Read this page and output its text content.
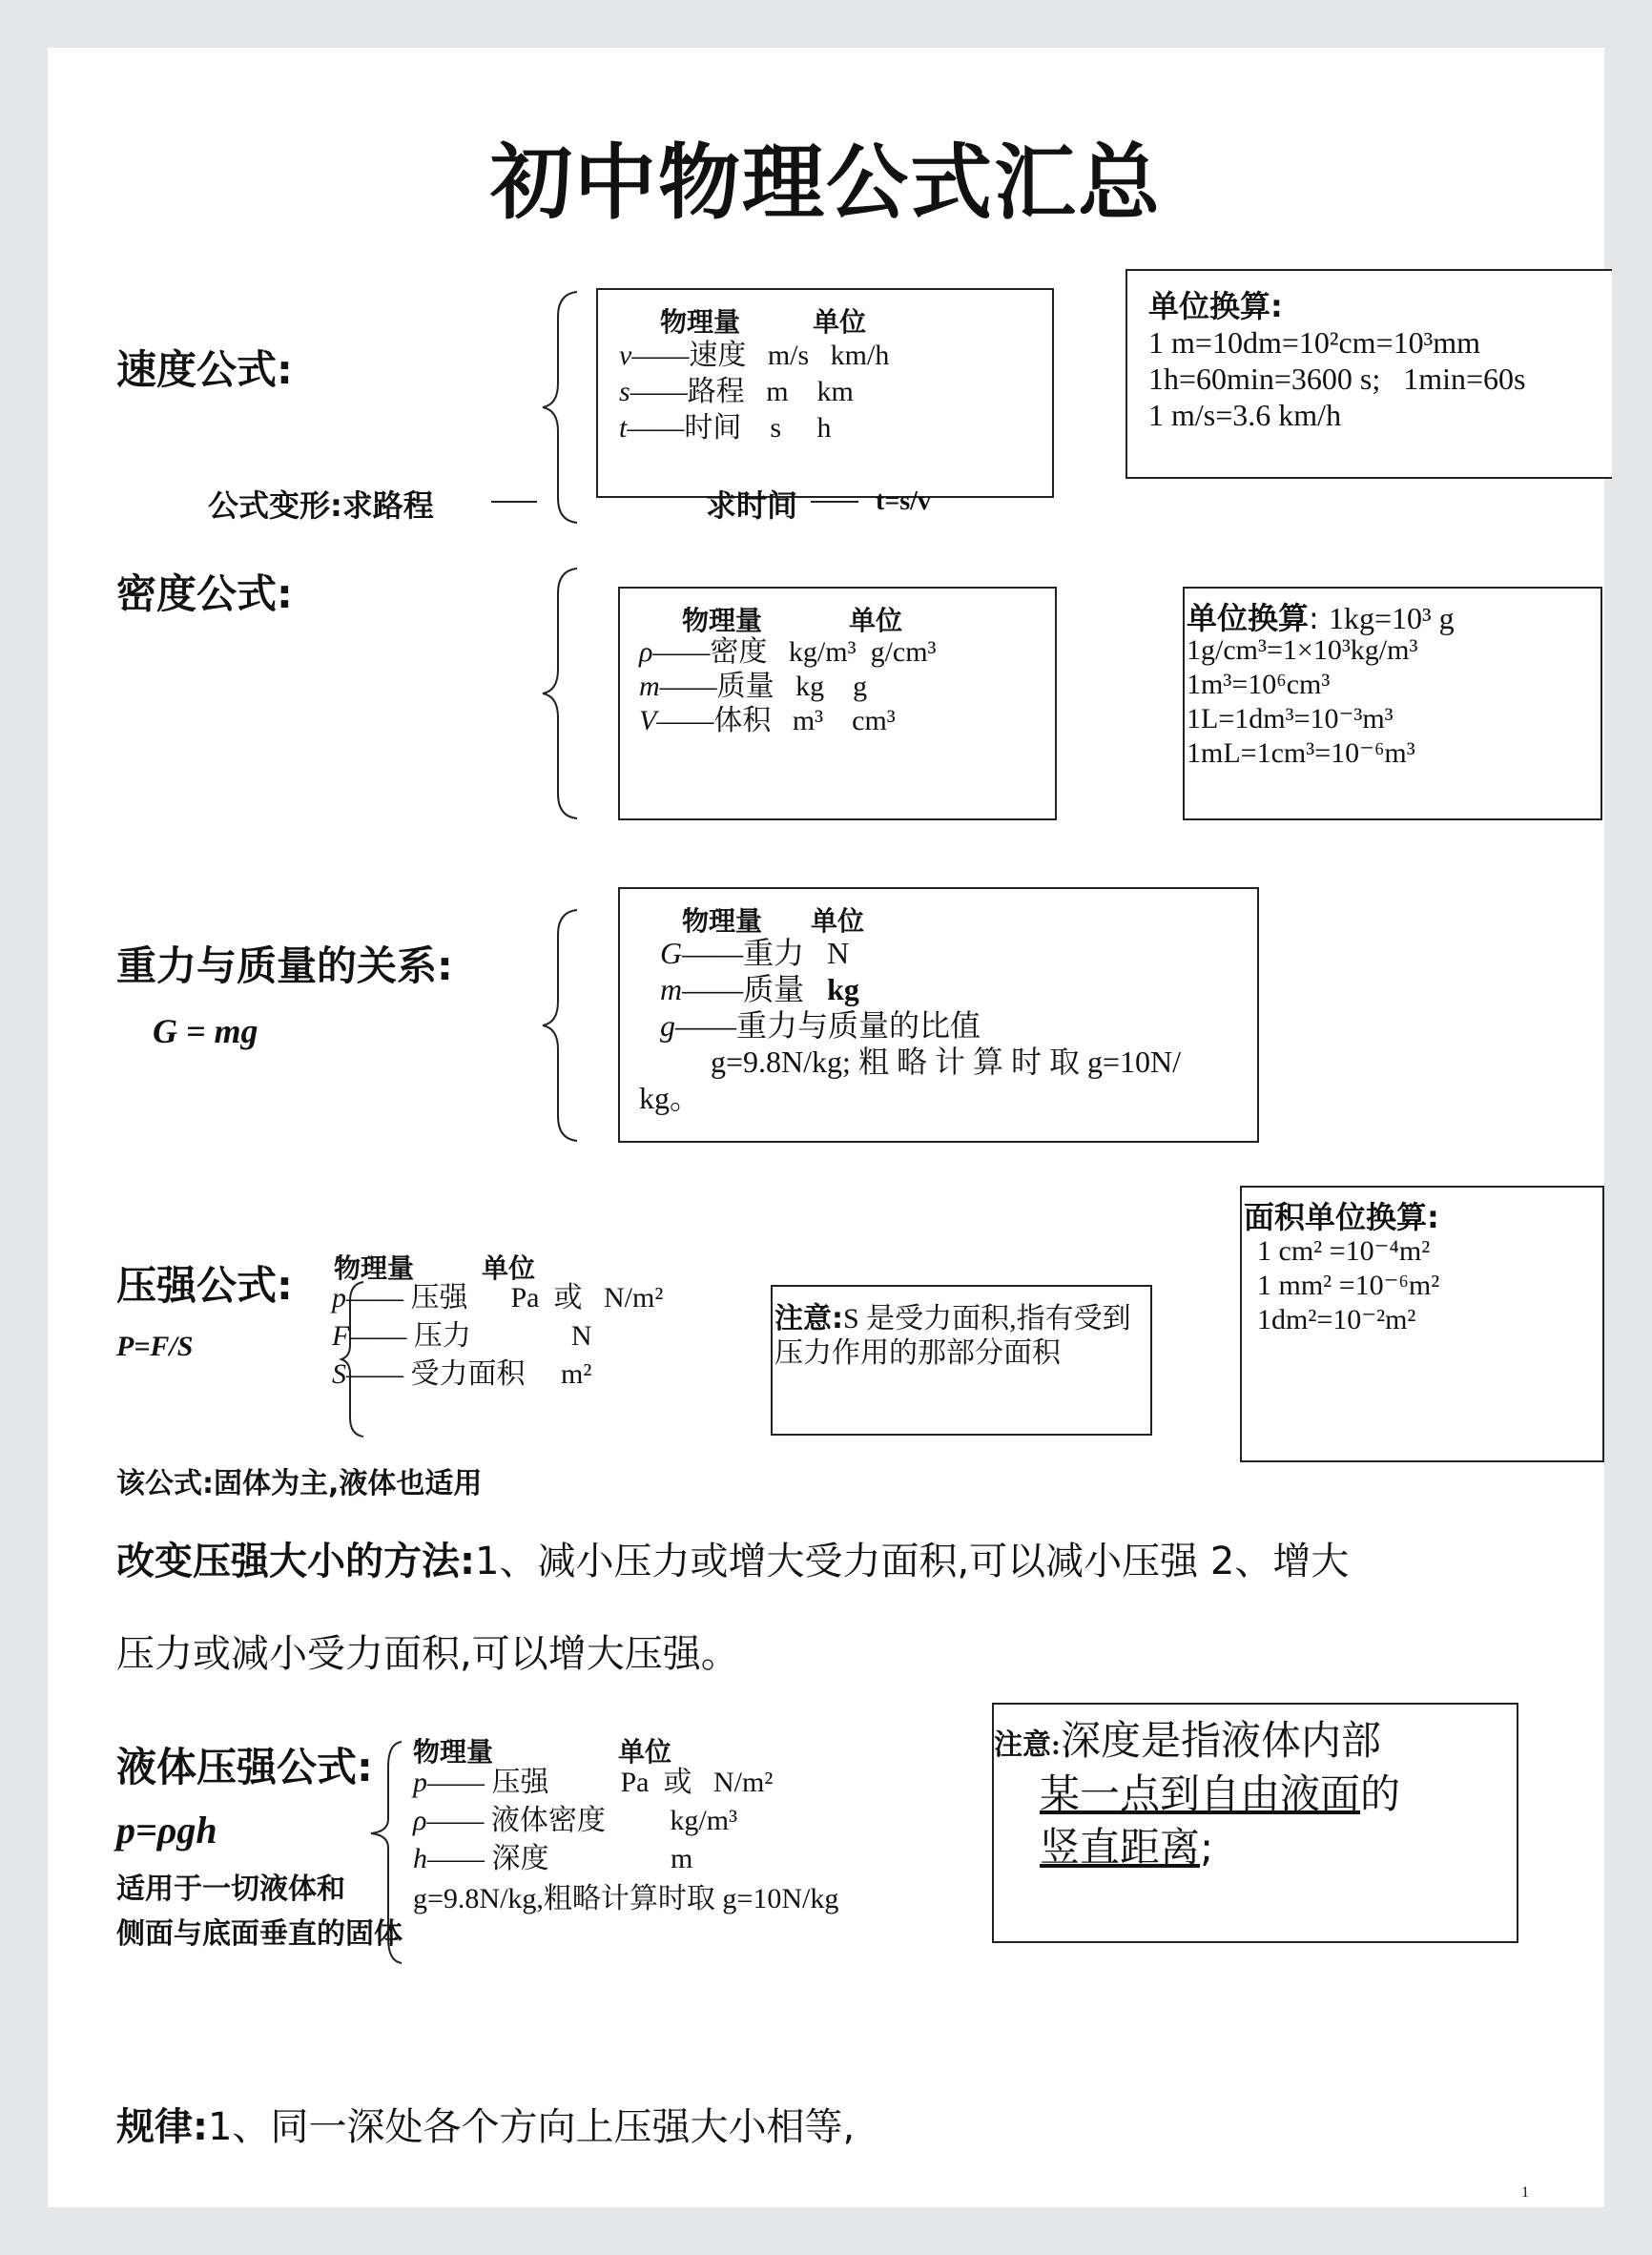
初中物理公式汇总
速度公式:
物理量	单位
v——速度 m/s   km/h
s——路程 m    km
t——时间 s     h
公式变形:求路程	求时间	t=s/v
单位换算:
1 m=10dm=10²cm=10³mm
1h=60min=3600 s;   1min=60s
1 m/s=3.6 km/h
密度公式:
物理量	单位
ρ——密度 kg/m³  g/cm³
m——质量 kg    g
V——体积 m³    cm³
单位换算: 1kg=10³ g
1g/cm³=1×10³kg/m³
1m³=10⁶cm³
1L=1dm³=10⁻³m³
1mL=1cm³=10⁻⁶m³
重力与质量的关系:
G = mg
物理量 单位
G——重力 N
m——质量 kg
g——重力与质量的比值
g=9.8N/kg; 粗 略 计 算 时 取 g=10N/
kg。
压强公式:
P=F/S
物理量	单位
p—— 压强 Pa  或   N/m²
F—— 压力	N
S—— 受力面积 m²
注意:S 是受力面积,指有受到压力作用的那部分面积
面积单位换算:
1 cm² =10⁻⁴m²
1 mm² =10⁻⁶m²
1dm²=10⁻²m²
该公式:固体为主,液体也适用
改变压强大小的方法:1、减小压力或增大受力面积,可以减小压强 2、增大
压力或减小受力面积,可以增大压强。
液体压强公式:
p=ρgh
适用于一切液体和
侧面与底面垂直的固体
物理量	单位
p—— 压强	Pa  或   N/m²
ρ—— 液体密度 kg/m³
h—— 深度	m
g=9.8N/kg,粗略计算时取 g=10N/kg
注意:深度是指液体内部
某一点到自由液面的
竖直距离;
规律:1、同一深处各个方向上压强大小相等,
1
